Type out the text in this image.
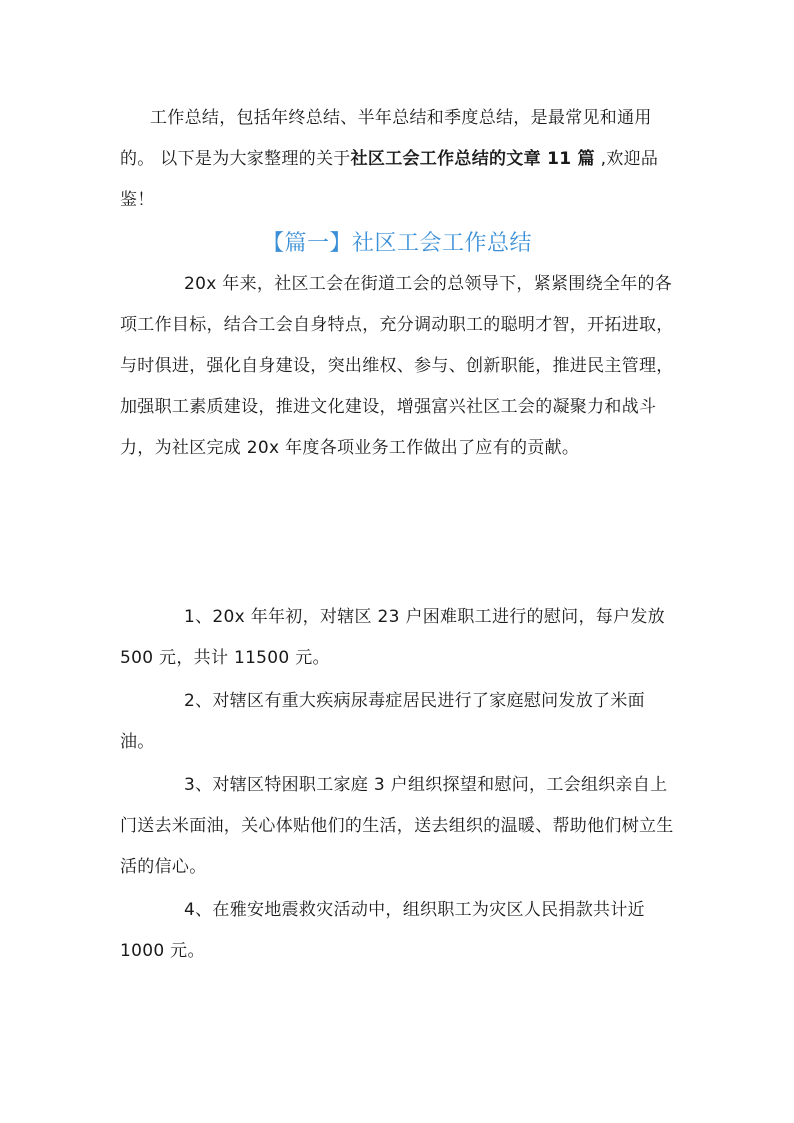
工作总结，包括年终总结、半年总结和季度总结，是最常见和通用的。 以下是为大家整理的关于社区工会工作总结的文章 11 篇 ,欢迎品鉴！

【篇一】社区工会工作总结

20x 年来，社区工会在街道工会的总领导下，紧紧围绕全年的各项工作目标，结合工会自身特点，充分调动职工的聪明才智，开拓进取，与时俱进，强化自身建设，突出维权、参与、创新职能，推进民主管理，加强职工素质建设，推进文化建设，增强富兴社区工会的凝聚力和战斗力，为社区完成 20x 年度各项业务工作做出了应有的贡献。

1、20x 年年初，对辖区 23 户困难职工进行的慰问，每户发放 500 元，共计 11500 元。

2、对辖区有重大疾病尿毒症居民进行了家庭慰问发放了米面油。

3、对辖区特困职工家庭 3 户组织探望和慰问，工会组织亲自上门送去米面油，关心体贴他们的生活，送去组织的温暖、帮助他们树立生活的信心。

4、在雅安地震救灾活动中，组织职工为灾区人民捐款共计近 1000 元。
